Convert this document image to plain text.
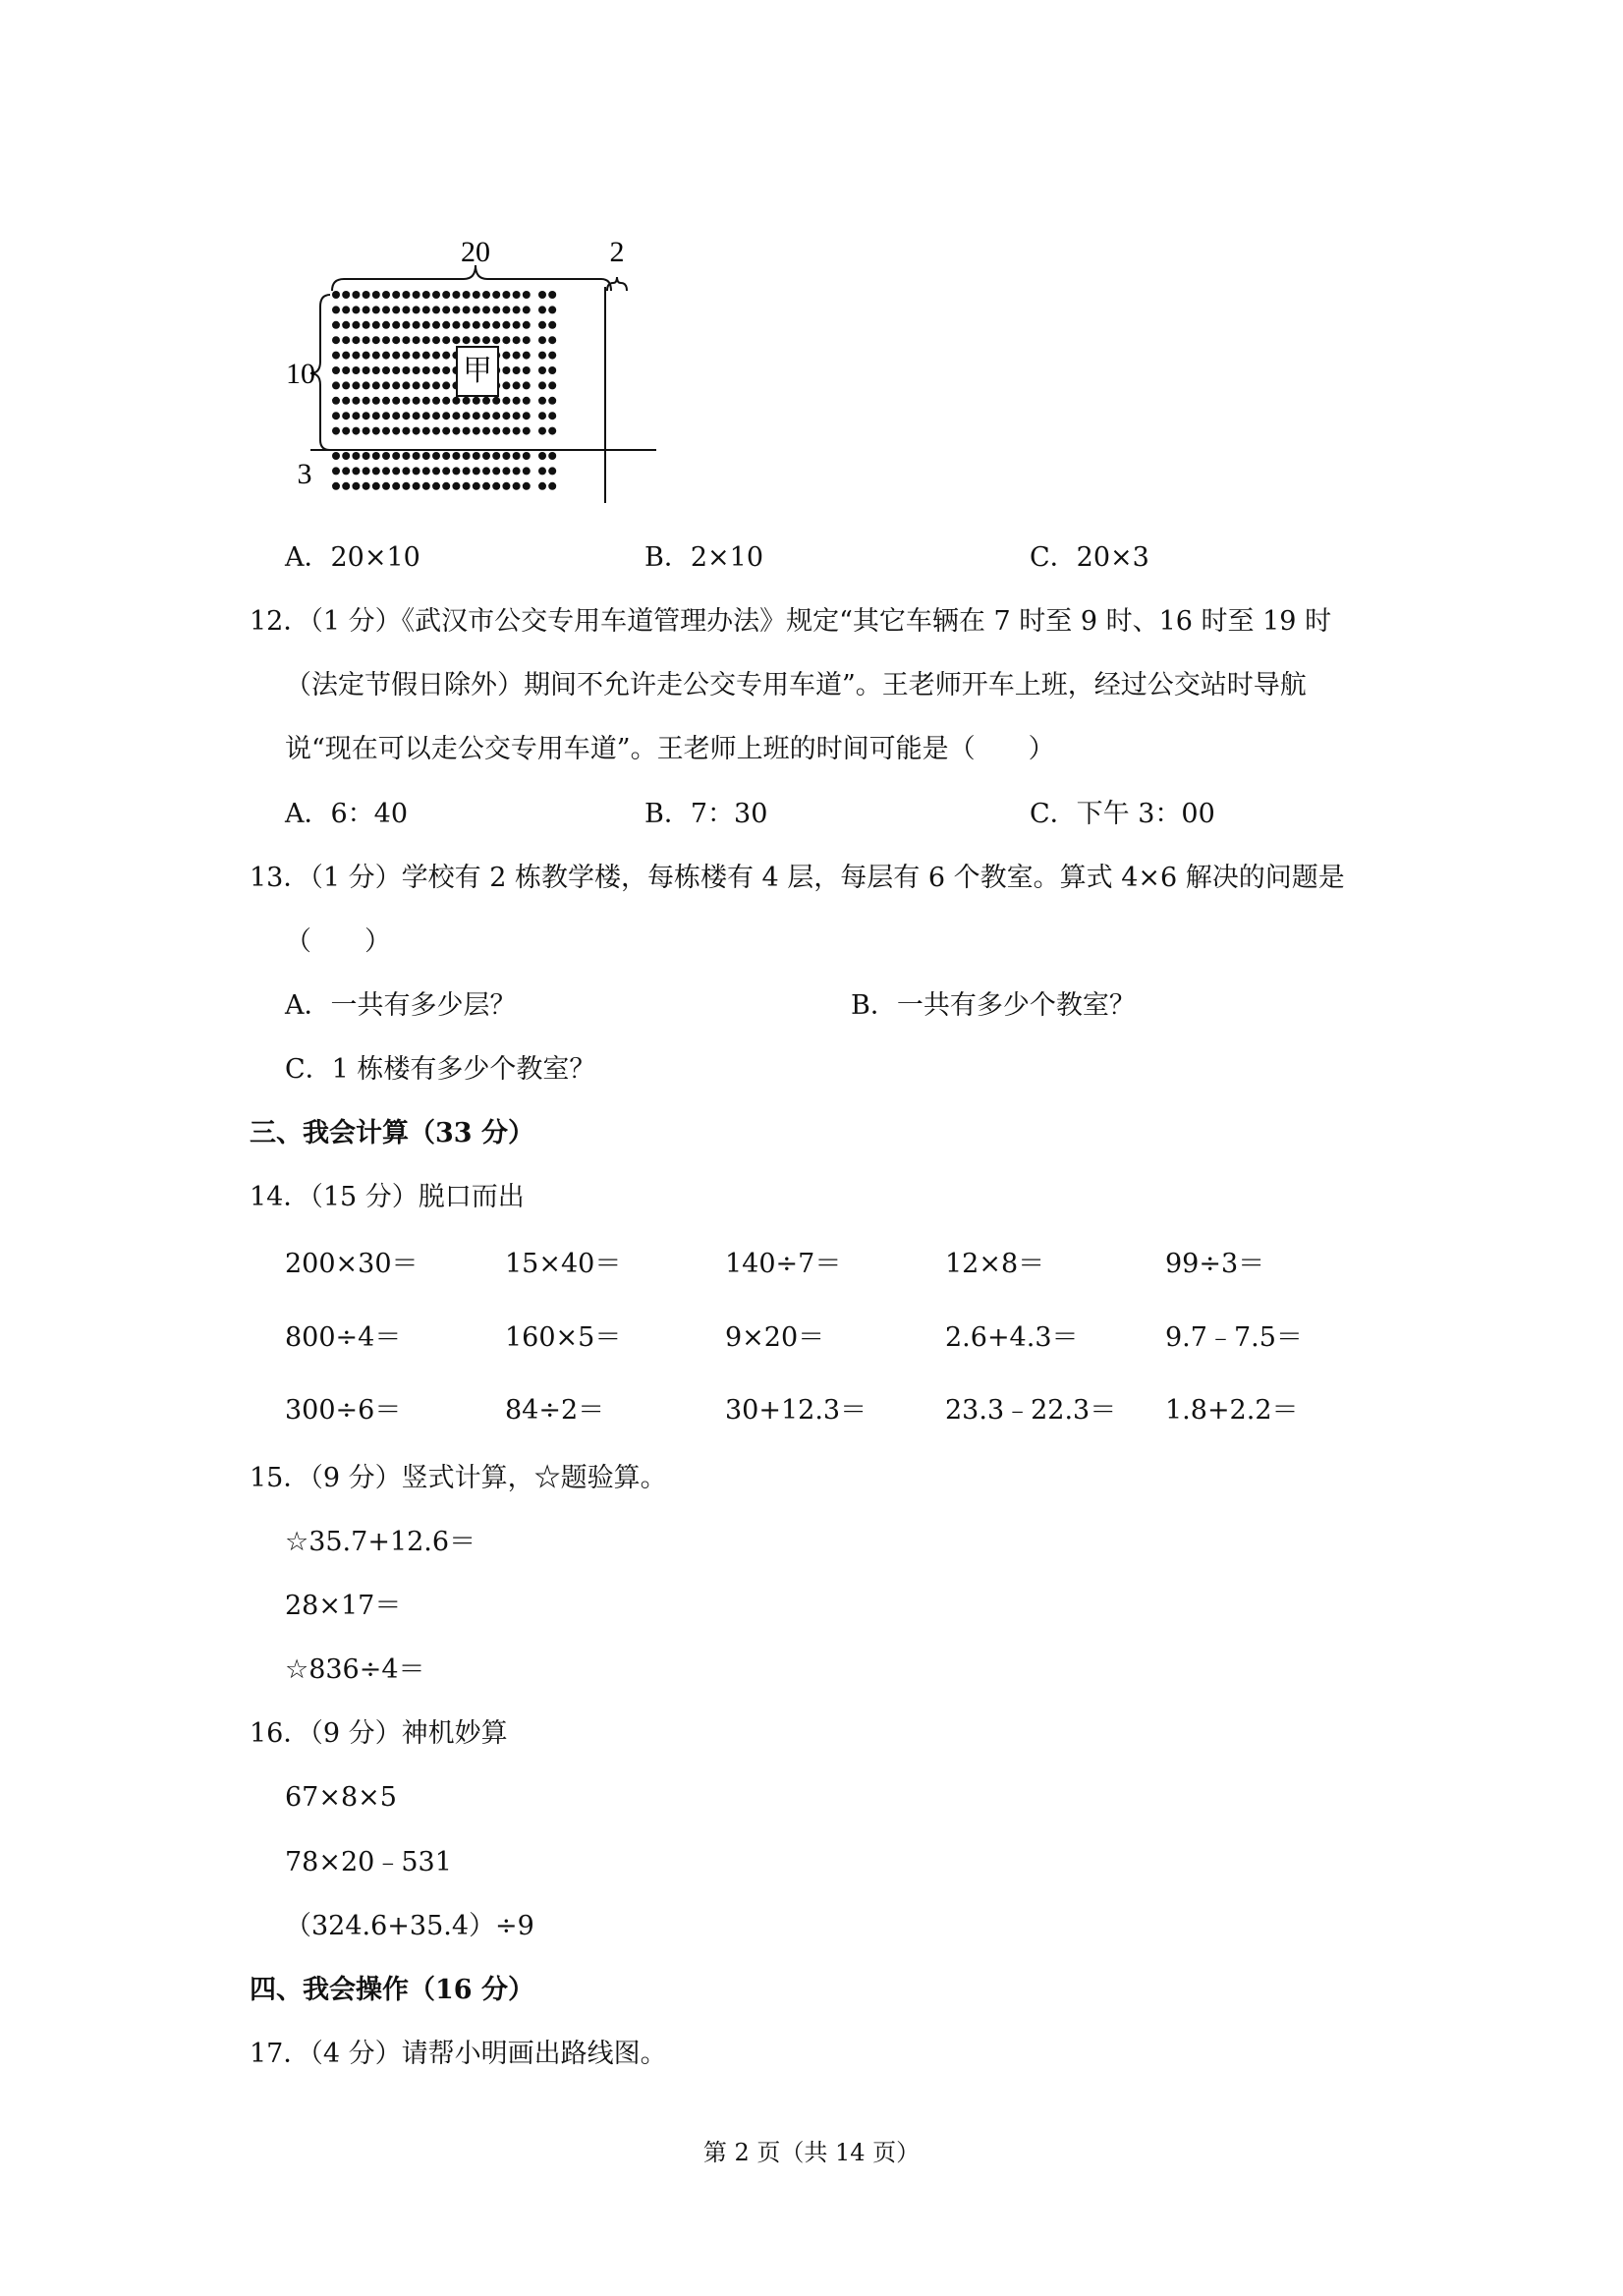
20	2
10
3
甲
A．20×10	B．2×10	C．20×3
12．（1 分）《武汉市公交专用车道管理办法》规定“其它车辆在 7 时至 9 时、16 时至 19 时
（法定节假日除外）期间不允许走公交专用车道”。王老师开车上班，经过公交站时导航
说“现在可以走公交专用车道”。王老师上班的时间可能是（　　）
A．6：40	B．7：30	C．下午 3：00
13．（1 分）学校有 2 栋教学楼，每栋楼有 4 层，每层有 6 个教室。算式 4×6 解决的问题是
（　　）
A．一共有多少层？	B．一共有多少个教室？
C．1 栋楼有多少个教室？
三、我会计算（33 分）
14．（15 分）脱口而出
200×30＝	15×40＝	140÷7＝	12×8＝	99÷3＝
800÷4＝	160×5＝	9×20＝	2.6+4.3＝	9.7﹣7.5＝
300÷6＝	84÷2＝	30+12.3＝	23.3﹣22.3＝ 1.8+2.2＝
15．（9 分）竖式计算，☆题验算。
☆35.7+12.6＝
28×17＝
☆836÷4＝
16．（9 分）神机妙算
67×8×5
78×20﹣531
（324.6+35.4）÷9
四、我会操作（16 分）
17．（4 分）请帮小明画出路线图。
第 2 页（共 14 页）
